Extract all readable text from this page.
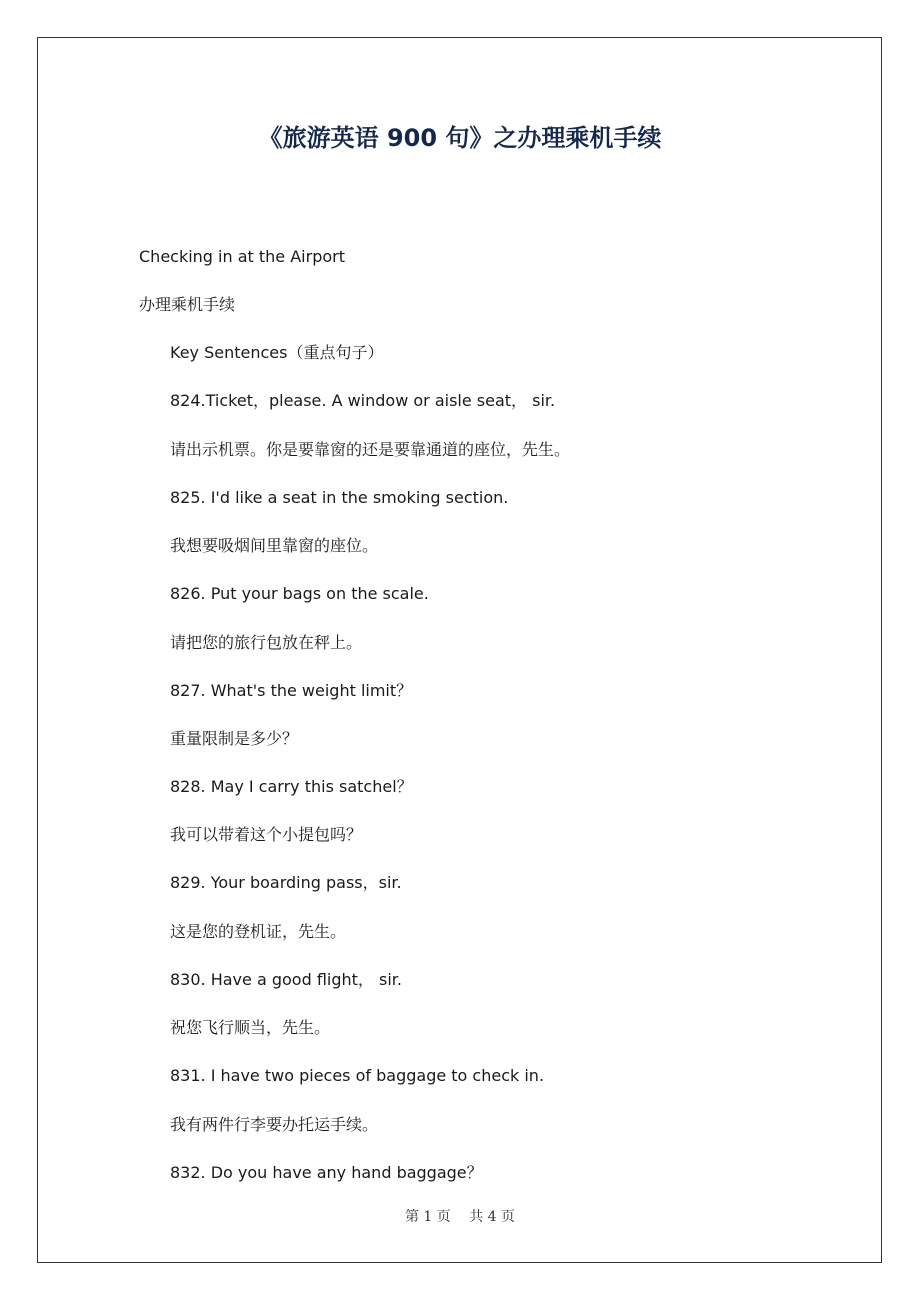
《旅游英语 900 句》之办理乘机手续
Checking in at the Airport
办理乘机手续
Key Sentences（重点句子）
824.Ticket，please. A window or aisle seat， sir.
请出示机票。你是要靠窗的还是要靠通道的座位，先生。
825. I'd like a seat in the smoking section.
我想要吸烟间里靠窗的座位。
826. Put your bags on the scale.
请把您的旅行包放在秤上。
827. What's the weight limit？
重量限制是多少？
828. May I carry this satchel？
我可以带着这个小提包吗？
829. Your boarding pass，sir.
这是您的登机证，先生。
830. Have a good flight， sir.
祝您飞行顺当，先生。
831. I have two pieces of baggage to check in.
我有两件行李要办托运手续。
832. Do you have any hand baggage？
第 1 页 共 4 页
